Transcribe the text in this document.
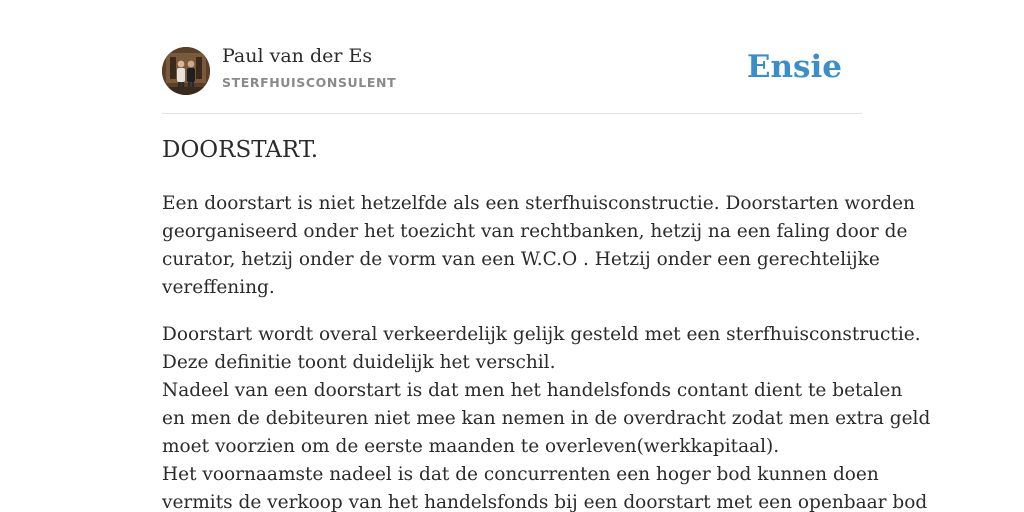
Paul van der Es
STERFHUISCONSULENT	Ensie
DOORSTART.

Een doorstart is niet hetzelfde als een sterfhuisconstructie. Doorstarten worden
georganiseerd onder het toezicht van rechtbanken, hetzij na een faling door de
curator, hetzij onder de vorm van een W.C.O . Hetzij onder een gerechtelijke
vereffening.

Doorstart wordt overal verkeerdelijk gelijk gesteld met een sterfhuisconstructie.
Deze definitie toont duidelijk het verschil.
Nadeel van een doorstart is dat men het handelsfonds contant dient te betalen
en men de debiteuren niet mee kan nemen in de overdracht zodat men extra geld
moet voorzien om de eerste maanden te overleven(werkkapitaal).
Het voornaamste nadeel is dat de concurrenten een hoger bod kunnen doen
vermits de verkoop van het handelsfonds bij een doorstart met een openbaar bod
